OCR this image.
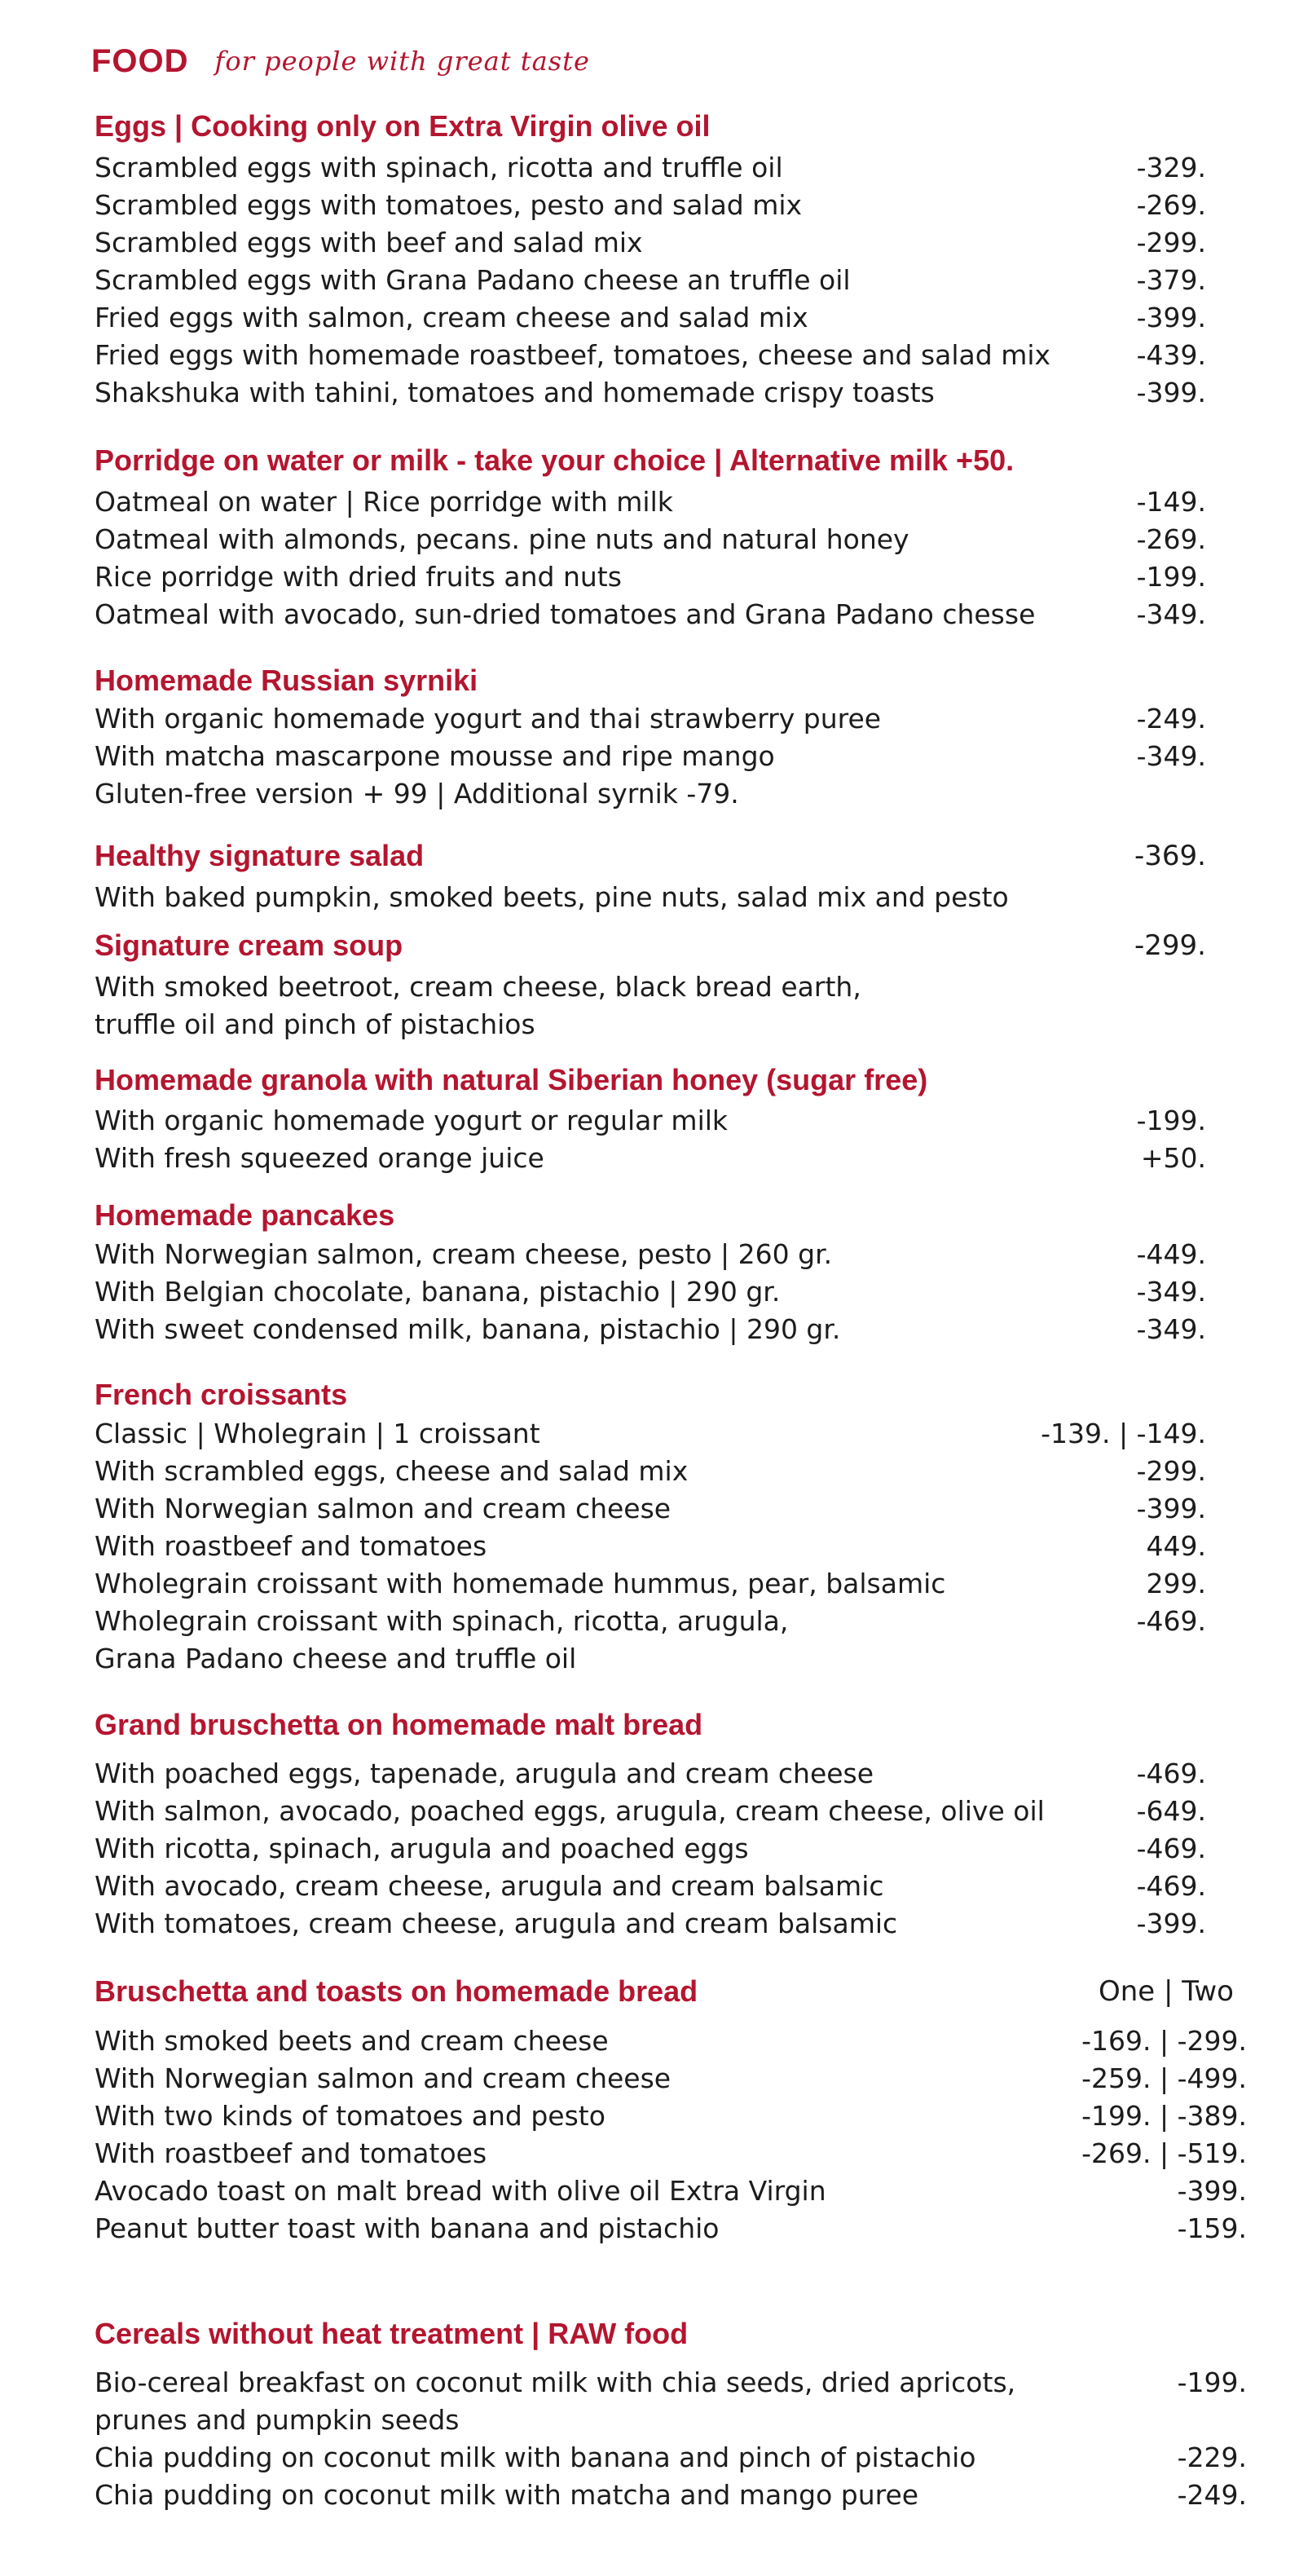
FOOD for people with great taste
Eggs | Cooking only on Extra Virgin olive oil
Scrambled eggs with spinach, ricotta and truffle oil	-329.
Scrambled eggs with tomatoes, pesto and salad mix	-269.
Scrambled eggs with beef and salad mix	-299.
Scrambled eggs with Grana Padano cheese an truffle oil	-379.
Fried eggs with salmon, cream cheese and salad mix	-399.
Fried eggs with homemade roastbeef, tomatoes, cheese and salad mix	-439.
Shakshuka with tahini, tomatoes and homemade crispy toasts	-399.
Porridge on water or milk - take your choice | Alternative milk +50.
Oatmeal on water | Rice porridge with milk	-149.
Oatmeal with almonds, pecans. pine nuts and natural honey	-269.
Rice porridge with dried fruits and nuts	-199.
Oatmeal with avocado, sun-dried tomatoes and Grana Padano chesse	-349.
Homemade Russian syrniki
With organic homemade yogurt and thai strawberry puree	-249.
With matcha mascarpone mousse and ripe mango	-349.
Gluten-free version + 99 | Additional syrnik -79.
Healthy signature salad	-369.
With baked pumpkin, smoked beets, pine nuts, salad mix and pesto
Signature cream soup	-299.
With smoked beetroot, cream cheese, black bread earth,
truffle oil and pinch of pistachios
Homemade granola with natural Siberian honey (sugar free)
With organic homemade yogurt or regular milk	-199.
With fresh squeezed orange juice	+50.
Homemade pancakes
With Norwegian salmon, cream cheese, pesto | 260 gr.	-449.
With Belgian chocolate, banana, pistachio | 290 gr.	-349.
With sweet condensed milk, banana, pistachio | 290 gr.	-349.
French croissants
Classic | Wholegrain | 1 croissant	-139. | -149.
With scrambled eggs, cheese and salad mix	-299.
With Norwegian salmon and cream cheese	-399.
With roastbeef and tomatoes	449.
Wholegrain croissant with homemade hummus, pear, balsamic	299.
Wholegrain croissant with spinach, ricotta, arugula,	-469.
Grana Padano cheese and truffle oil
Grand bruschetta on homemade malt bread
With poached eggs, tapenade, arugula and cream cheese	-469.
With salmon, avocado, poached eggs, arugula, cream cheese, olive oil	-649.
With ricotta, spinach, arugula and poached eggs	-469.
With avocado, cream cheese, arugula and cream balsamic	-469.
With tomatoes, cream cheese, arugula and cream balsamic	-399.
Bruschetta and toasts on homemade bread	One | Two
With smoked beets and cream cheese	-169. | -299.
With Norwegian salmon and cream cheese	-259. | -499.
With two kinds of tomatoes and pesto	-199. | -389.
With roastbeef and tomatoes	-269. | -519.
Avocado toast on malt bread with olive oil Extra Virgin	-399.
Peanut butter toast with banana and pistachio	-159.
Cereals without heat treatment | RAW food
Bio-cereal breakfast on coconut milk with chia seeds, dried apricots,	-199.
prunes and pumpkin seeds
Chia pudding on coconut milk with banana and pinch of pistachio	-229.
Chia pudding on coconut milk with matcha and mango puree	-249.
